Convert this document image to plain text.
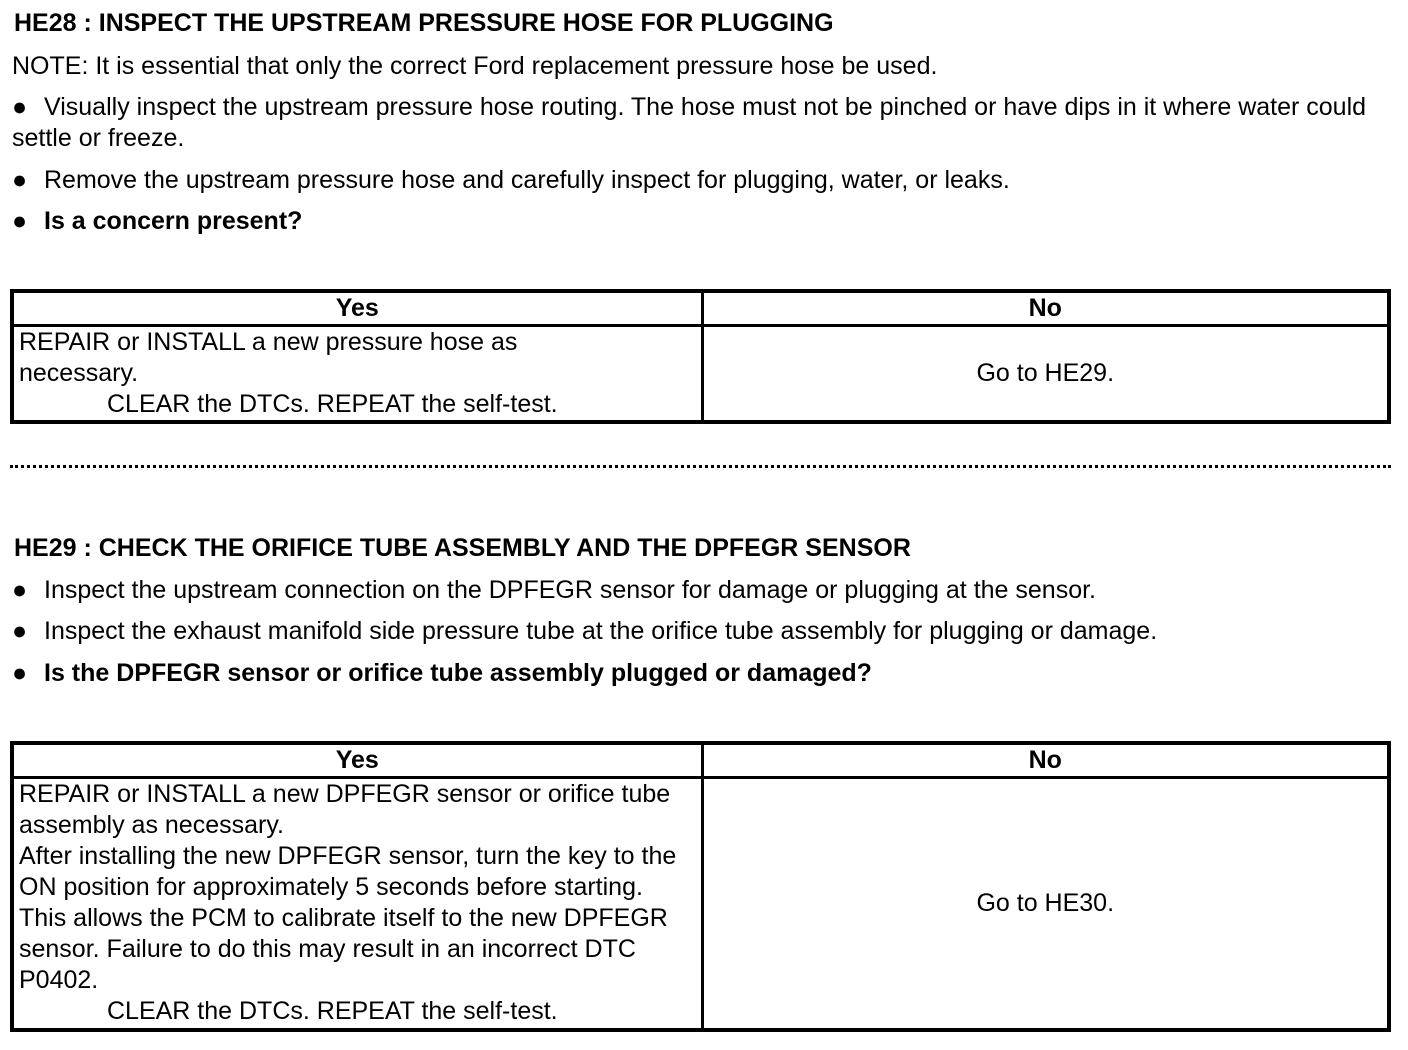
HE28 : INSPECT THE UPSTREAM PRESSURE HOSE FOR PLUGGING
NOTE: It is essential that only the correct Ford replacement pressure hose be used.
● Visually inspect the upstream pressure hose routing. The hose must not be pinched or have dips in it where water could settle or freeze.
● Remove the upstream pressure hose and carefully inspect for plugging, water, or leaks.
● Is a concern present?
Yes	No

REPAIR or INSTALL a new pressure hose as necessary.
CLEAR the DTCs. REPEAT the self-test.	Go to HE29.
HE29 : CHECK THE ORIFICE TUBE ASSEMBLY AND THE DPFEGR SENSOR
● Inspect the upstream connection on the DPFEGR sensor for damage or plugging at the sensor.
● Inspect the exhaust manifold side pressure tube at the orifice tube assembly for plugging or damage.
● Is the DPFEGR sensor or orifice tube assembly plugged or damaged?
Yes	No

REPAIR or INSTALL a new DPFEGR sensor or orifice tube assembly as necessary.
After installing the new DPFEGR sensor, turn the key to the ON position for approximately 5 seconds before starting. This allows the PCM to calibrate itself to the new DPFEGR sensor. Failure to do this may result in an incorrect DTC P0402.
CLEAR the DTCs. REPEAT the self-test.	Go to HE30.
